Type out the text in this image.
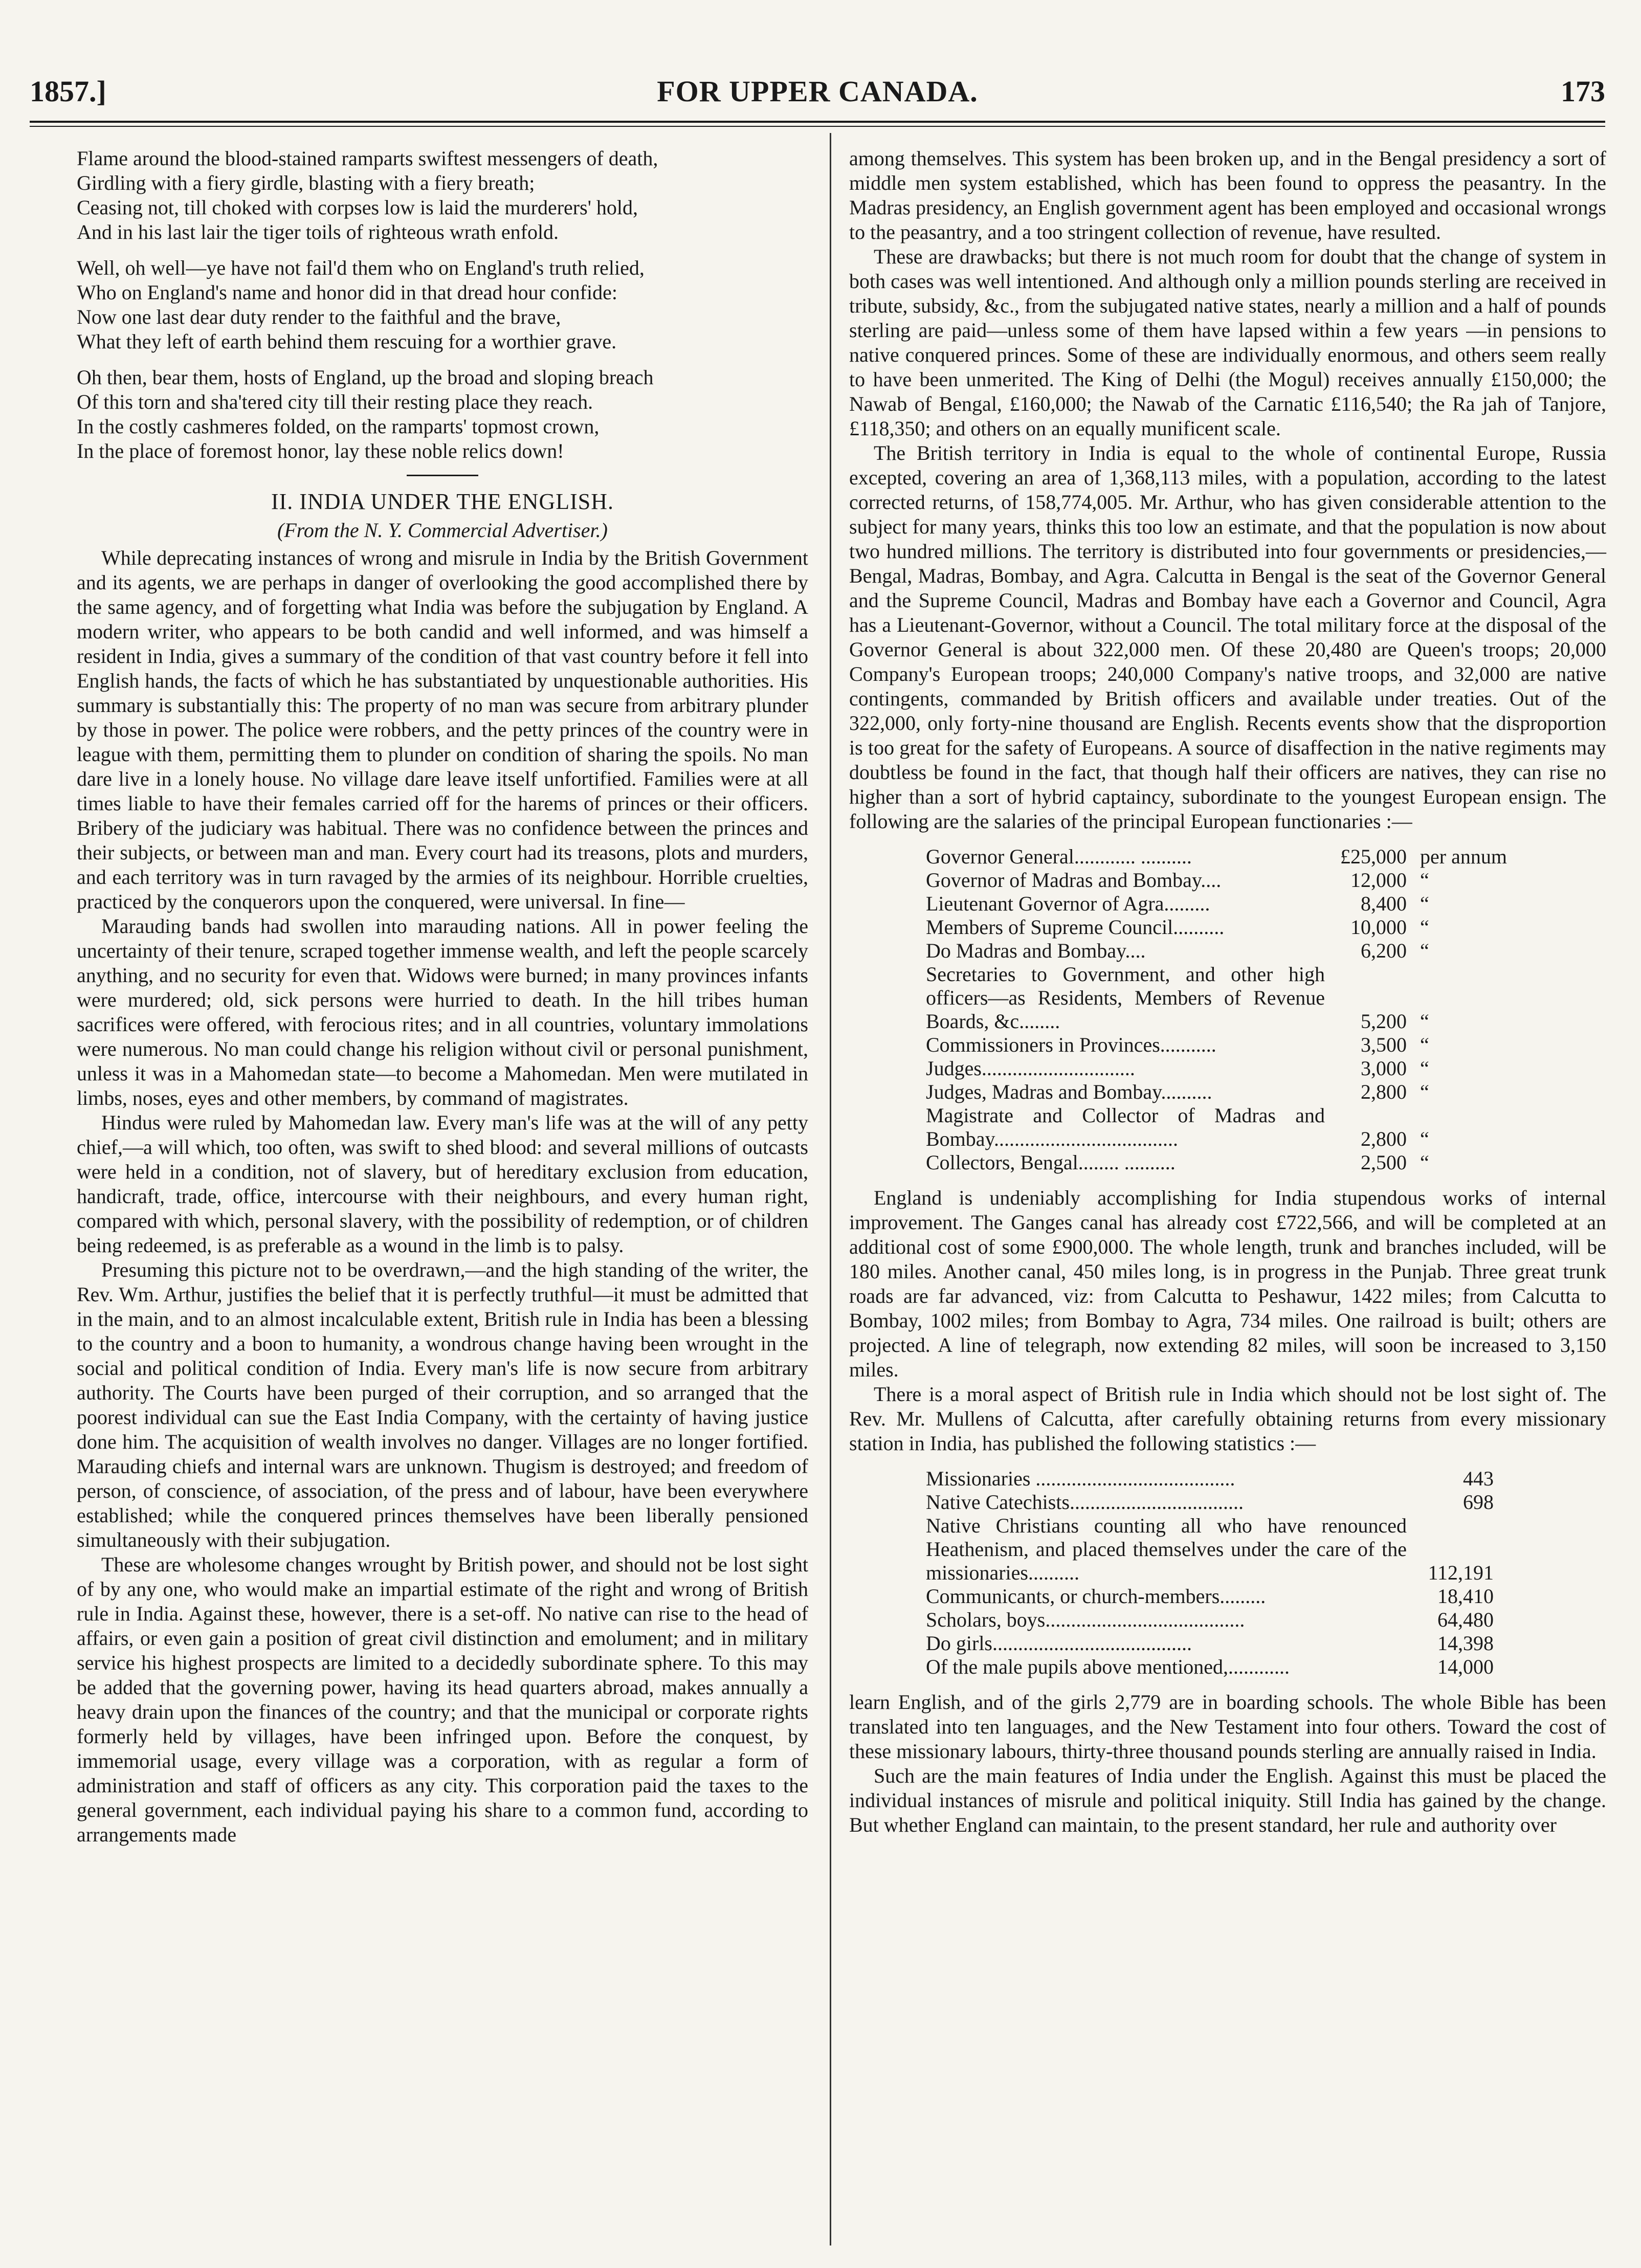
1857.]	FOR UPPER CANADA.	173
Flame around the blood-stained ramparts swiftest messengers of death,
Girdling with a fiery girdle, blasting with a fiery breath;
Ceasing not, till choked with corpses low is laid the murderers' hold,
And in his last lair the tiger toils of righteous wrath enfold.
Well, oh well—ye have not fail'd them who on England's truth relied,
Who on England's name and honor did in that dread hour confide:
Now one last dear duty render to the faithful and the brave,
What they left of earth behind them rescuing for a worthier grave.
Oh then, bear them, hosts of England, up the broad and sloping breach
Of this torn and sha'tered city till their resting place they reach.
In the costly cashmeres folded, on the ramparts' topmost crown,
In the place of foremost honor, lay these noble relics down!
II. INDIA UNDER THE ENGLISH.
(From the N. Y. Commercial Advertiser.)

While deprecating instances of wrong and misrule in India by the British Government and its agents, we are perhaps in danger of overlooking the good accomplished there by the same agency, and of forgetting what India was before the subjugation by England. A modern writer, who appears to be both candid and well informed, and was himself a resident in India, gives a summary of the condition of that vast country before it fell into English hands, the facts of which he has substantiated by unquestionable authorities. His summary is substantially this: The property of no man was secure from arbitrary plunder by those in power. The police were robbers, and the petty princes of the country were in league with them, permitting them to plunder on condition of sharing the spoils. No man dare live in a lonely house. No village dare leave itself unfortified. Families were at all times liable to have their females carried off for the harems of princes or their officers. Bribery of the judiciary was habitual. There was no confidence between the princes and their subjects, or between man and man. Every court had its treasons, plots and murders, and each territory was in turn ravaged by the armies of its neighbour. Horrible cruelties, practiced by the conquerors upon the conquered, were universal. In fine—

Marauding bands had swollen into marauding nations. All in power feeling the uncertainty of their tenure, scraped together immense wealth, and left the people scarcely anything, and no security for even that. Widows were burned; in many provinces infants were murdered; old, sick persons were hurried to death. In the hill tribes human sacrifices were offered, with ferocious rites; and in all countries, voluntary immolations were numerous. No man could change his religion without civil or personal punishment, unless it was in a Mahomedan state—to become a Mahomedan. Men were mutilated in limbs, noses, eyes and other members, by command of magistrates.

Hindus were ruled by Mahomedan law. Every man's life was at the will of any petty chief,—a will which, too often, was swift to shed blood: and several millions of outcasts were held in a condition, not of slavery, but of hereditary exclusion from education, handicraft, trade, office, intercourse with their neighbours, and every human right, compared with which, personal slavery, with the possibility of redemption, or of children being redeemed, is as preferable as a wound in the limb is to palsy.

Presuming this picture not to be overdrawn,—and the high standing of the writer, the Rev. Wm. Arthur, justifies the belief that it is perfectly truthful—it must be admitted that in the main, and to an almost incalculable extent, British rule in India has been a blessing to the country and a boon to humanity, a wondrous change having been wrought in the social and political condition of India. Every man's life is now secure from arbitrary authority. The Courts have been purged of their corruption, and so arranged that the poorest individual can sue the East India Company, with the certainty of having justice done him. The acquisition of wealth involves no danger. Villages are no longer fortified. Marauding chiefs and internal wars are unknown. Thugism is destroyed; and freedom of person, of conscience, of association, of the press and of labour, have been everywhere established; while the conquered princes themselves have been liberally pensioned simultaneously with their subjugation.

These are wholesome changes wrought by British power, and should not be lost sight of by any one, who would make an impartial estimate of the right and wrong of British rule in India. Against these, however, there is a set-off. No native can rise to the head of affairs, or even gain a position of great civil distinction and emolument; and in military service his highest prospects are limited to a decidedly subordinate sphere. To this may be added that the governing power, having its head quarters abroad, makes annually a heavy drain upon the finances of the country; and that the municipal or corporate rights formerly held by villages, have been infringed upon. Before the conquest, by immemorial usage, every village was a corporation, with as regular a form of administration and staff of officers as any city. This corporation paid the taxes to the general government, each individual paying his share to a common fund, according to arrangements made

among themselves. This system has been broken up, and in the Bengal presidency a sort of middle men system established, which has been found to oppress the peasantry. In the Madras presidency, an English government agent has been employed and occasional wrongs to the peasantry, and a too stringent collection of revenue, have resulted.

These are drawbacks; but there is not much room for doubt that the change of system in both cases was well intentioned. And although only a million pounds sterling are received in tribute, subsidy, &c., from the subjugated native states, nearly a million and a half of pounds sterling are paid—unless some of them have lapsed within a few years —in pensions to native conquered princes. Some of these are individually enormous, and others seem really to have been unmerited. The King of Delhi (the Mogul) receives annually £150,000; the Nawab of Bengal, £160,000; the Nawab of the Carnatic £116,540; the Ra jah of Tanjore, £118,350; and others on an equally munificent scale.

The British territory in India is equal to the whole of continental Europe, Russia excepted, covering an area of 1,368,113 miles, with a population, according to the latest corrected returns, of 158,774,005. Mr. Arthur, who has given considerable attention to the subject for many years, thinks this too low an estimate, and that the population is now about two hundred millions. The territory is distributed into four governments or presidencies,—Bengal, Madras, Bombay, and Agra. Calcutta in Bengal is the seat of the Governor General and the Supreme Council, Madras and Bombay have each a Governor and Council, Agra has a Lieutenant-Governor, without a Council. The total military force at the disposal of the Governor General is about 322,000 men. Of these 20,480 are Queen's troops; 20,000 Company's European troops; 240,000 Company's native troops, and 32,000 are native contingents, commanded by British officers and available under treaties. Out of the 322,000, only forty-nine thousand are English. Recents events show that the disproportion is too great for the safety of Europeans. A source of disaffection in the native regiments may doubtless be found in the fact, that though half their officers are natives, they can rise no higher than a sort of hybrid captaincy, subordinate to the youngest European ensign. The following are the salaries of the principal European functionaries :—

Governor General............ ..........	£25,000	per annum
Governor of Madras and Bombay....	12,000	“
Lieutenant Governor of Agra.........	8,400	“
Members of Supreme Council..........	10,000	“
Do Madras and Bombay....	6,200	“
Secretaries to Government, and other high officers—as Residents, Members of Revenue Boards, &c........	5,200	“
Commissioners in Provinces...........	3,500	“
Judges..............................	3,000	“
Judges, Madras and Bombay..........	2,800	“
Magistrate and Collector of Madras and Bombay....................................	2,800	“
Collectors, Bengal........ ..........	2,500	“

England is undeniably accomplishing for India stupendous works of internal improvement. The Ganges canal has already cost £722,566, and will be completed at an additional cost of some £900,000. The whole length, trunk and branches included, will be 180 miles. Another canal, 450 miles long, is in progress in the Punjab. Three great trunk roads are far advanced, viz: from Calcutta to Peshawur, 1422 miles; from Calcutta to Bombay, 1002 miles; from Bombay to Agra, 734 miles. One railroad is built; others are projected. A line of telegraph, now extending 82 miles, will soon be increased to 3,150 miles.

There is a moral aspect of British rule in India which should not be lost sight of. The Rev. Mr. Mullens of Calcutta, after carefully obtaining returns from every missionary station in India, has published the following statistics :—

Missionaries .......................................	443
Native Catechists..................................	698
Native Christians counting all who have renounced Heathenism, and placed themselves under the care of the missionaries..........	112,191
Communicants, or church-members.........	18,410
Scholars, boys.......................................	64,480
Do girls.......................................	14,398
Of the male pupils above mentioned,............	14,000

learn English, and of the girls 2,779 are in boarding schools. The whole Bible has been translated into ten languages, and the New Testament into four others. Toward the cost of these missionary labours, thirty-three thousand pounds sterling are annually raised in India.

Such are the main features of India under the English. Against this must be placed the individual instances of misrule and political iniquity. Still India has gained by the change. But whether England can maintain, to the present standard, her rule and authority over
